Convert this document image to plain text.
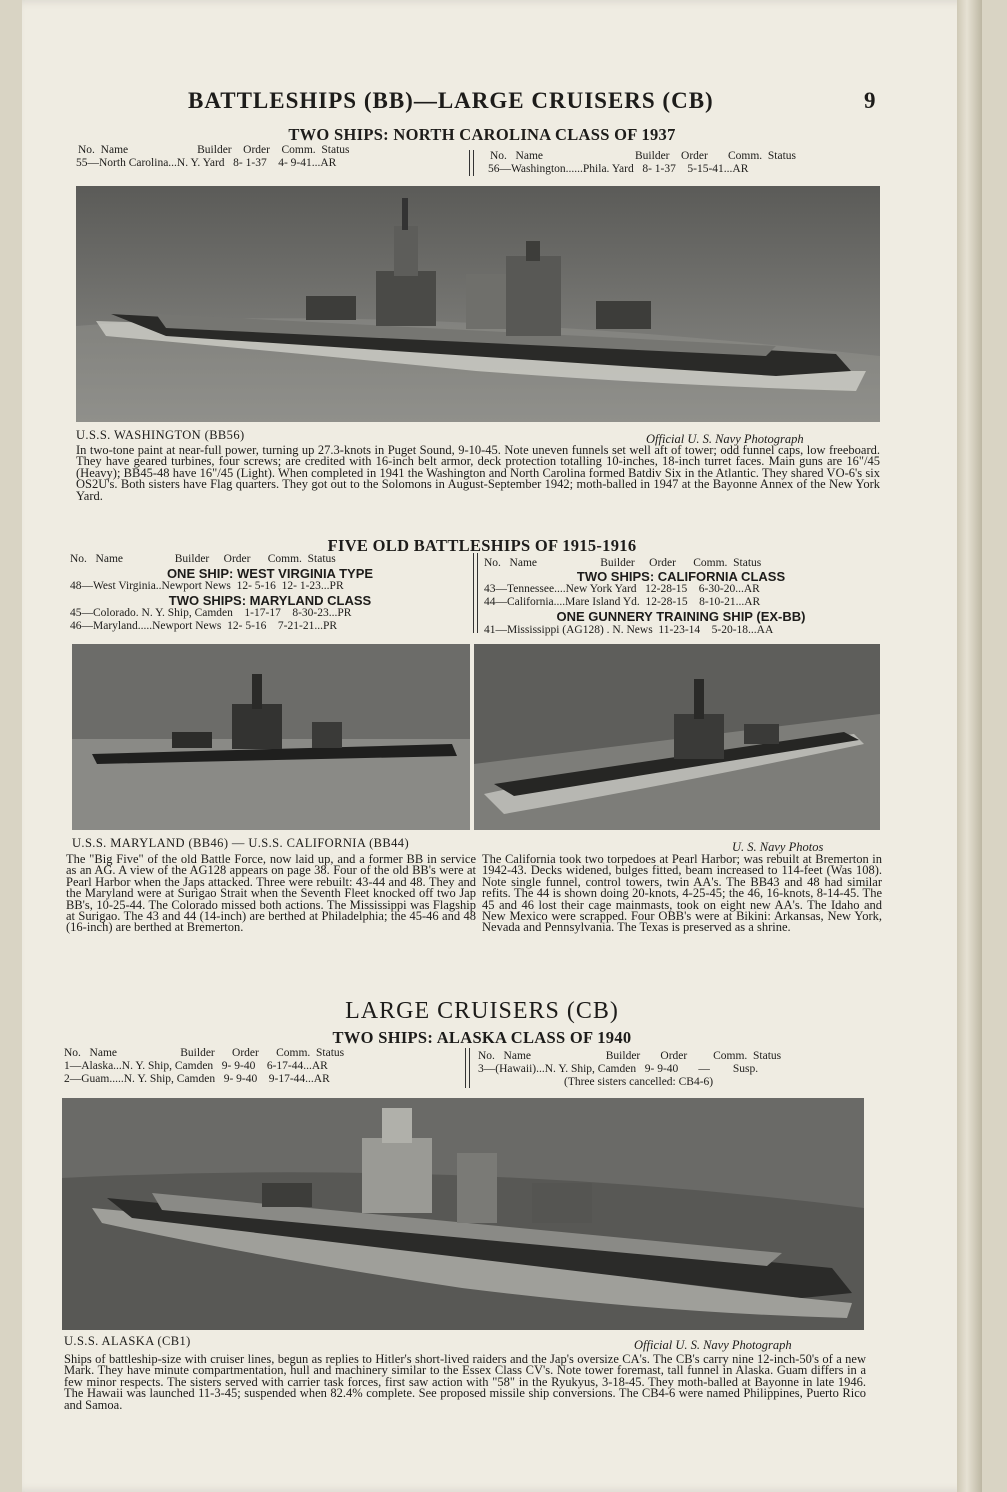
BATTLESHIPS (BB)—LARGE CRUISERS (CB)	9
TWO SHIPS: NORTH CAROLINA CLASS OF 1937
No.  Name                        Builder    Order    Comm.  Status
55—North Carolina...N. Y. Yard   8- 1-37    4- 9-41...AR
No.   Name                                Builder    Order       Comm.  Status
56—Washington......Phila. Yard   8- 1-37    5-15-41...AR
U.S.S. WASHINGTON (BB56)	Official U. S. Navy Photograph
In two-tone paint at near-full power, turning up 27.3-knots in Puget Sound, 9-10-45. Note uneven funnels set well aft of tower; odd funnel caps, low freeboard. They have geared turbines, four screws; are credited with 16-inch belt armor, deck protection totalling 10-inches, 18-inch turret faces. Main guns are 16"/45 (Heavy); BB45-48 have 16"/45 (Light). When completed in 1941 the Washington and North Carolina formed Batdiv Six in the Atlantic. They shared VO-6's six OS2U's. Both sisters have Flag quarters. They got out to the Solomons in August-September 1942; moth-balled in 1947 at the Bayonne Annex of the New York Yard.
FIVE OLD BATTLESHIPS OF 1915-1916
No.   Name                  Builder     Order      Comm.  Status
ONE SHIP: WEST VIRGINIA TYPE
48—West Virginia..Newport News  12- 5-16  12- 1-23...PR
TWO SHIPS: MARYLAND CLASS
45—Colorado. N. Y. Ship, Camden    1-17-17    8-30-23...PR
46—Maryland.....Newport News  12- 5-16    7-21-21...PR
No.   Name                      Builder     Order      Comm.  Status
TWO SHIPS: CALIFORNIA CLASS
43—Tennessee....New York Yard   12-28-15    6-30-20...AR
44—California....Mare Island Yd.  12-28-15    8-10-21...AR
ONE GUNNERY TRAINING SHIP (EX-BB)
41—Mississippi (AG128) . N. News  11-23-14    5-20-18...AA
U.S.S. MARYLAND (BB46) — U.S.S. CALIFORNIA (BB44)	U. S. Navy Photos
The "Big Five" of the old Battle Force, now laid up, and a former BB in service as an AG. A view of the AG128 appears on page 38. Four of the old BB's were at Pearl Harbor when the Japs attacked. Three were rebuilt: 43-44 and 48. They and the Maryland were at Surigao Strait when the Seventh Fleet knocked off two Jap BB's, 10-25-44. The Colorado missed both actions. The Mississippi was Flagship at Surigao. The 43 and 44 (14-inch) are berthed at Philadelphia; the 45-46 and 48 (16-inch) are berthed at Bremerton.
The California took two torpedoes at Pearl Harbor; was rebuilt at Bremerton in 1942-43. Decks widened, bulges fitted, beam increased to 114-feet (Was 108). Note single funnel, control towers, twin AA's. The BB43 and 48 had similar refits. The 44 is shown doing 20-knots, 4-25-45; the 46, 16-knots, 8-14-45. The 45 and 46 lost their cage mainmasts, took on eight new AA's. The Idaho and New Mexico were scrapped. Four OBB's were at Bikini: Arkansas, New York, Nevada and Pennsylvania. The Texas is preserved as a shrine.
LARGE CRUISERS (CB)
TWO SHIPS: ALASKA CLASS OF 1940
No.   Name                      Builder      Order      Comm.  Status
1—Alaska...N. Y. Ship, Camden   9- 9-40    6-17-44...AR
2—Guam.....N. Y. Ship, Camden   9- 9-40    9-17-44...AR
No.   Name                          Builder       Order         Comm.  Status
3—(Hawaii)...N. Y. Ship, Camden   9- 9-40       —        Susp.
(Three sisters cancelled: CB4-6)
U.S.S. ALASKA (CB1)	Official U. S. Navy Photograph
Ships of battleship-size with cruiser lines, begun as replies to Hitler's short-lived raiders and the Jap's oversize CA's. The CB's carry nine 12-inch-50's of a new Mark. They have minute compartmentation, hull and machinery similar to the Essex Class CV's. Note tower foremast, tall funnel in Alaska. Guam differs in a few minor respects. The sisters served with carrier task forces, first saw action with "58" in the Ryukyus, 3-18-45. They moth-balled at Bayonne in late 1946. The Hawaii was launched 11-3-45; suspended when 82.4% complete. See proposed missile ship conversions. The CB4-6 were named Philippines, Puerto Rico and Samoa.
